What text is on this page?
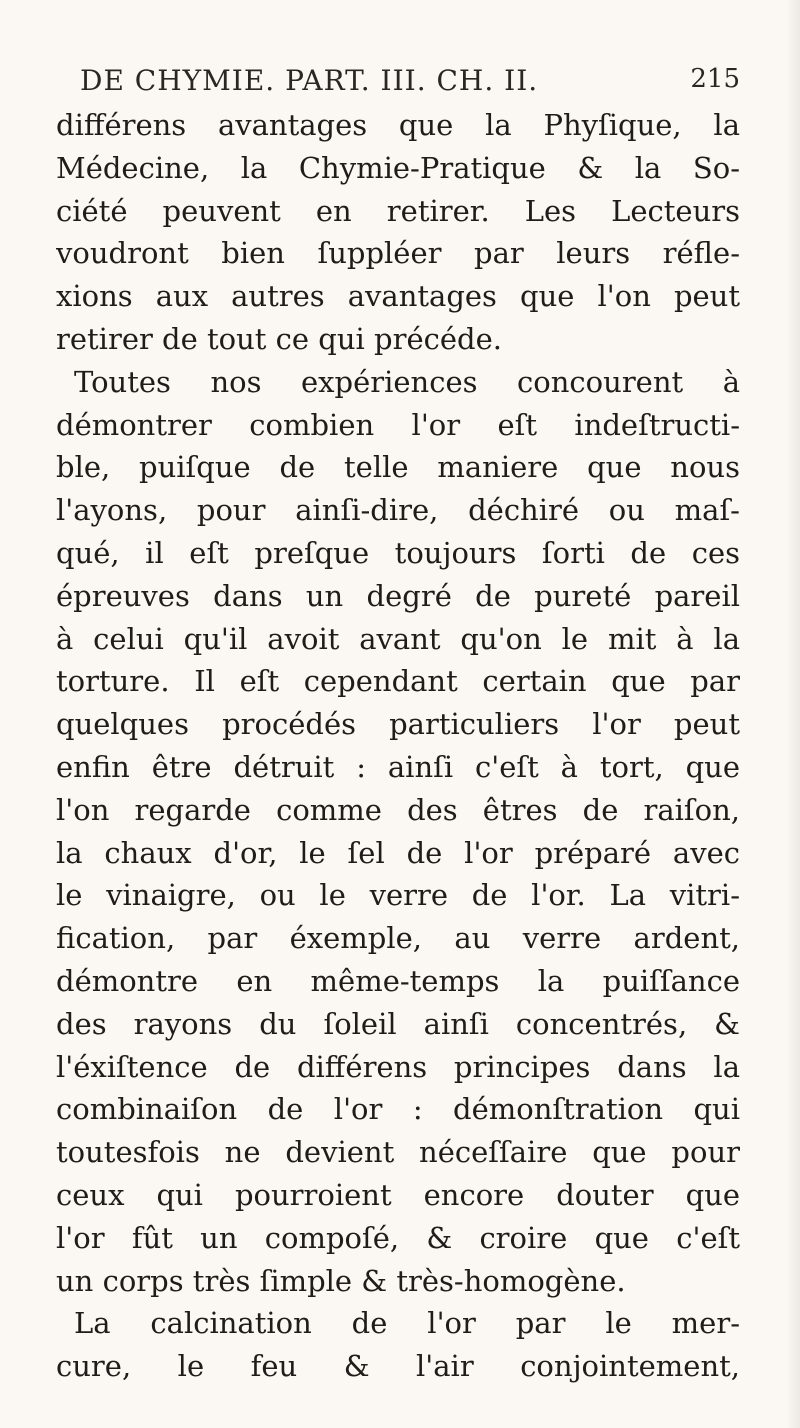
DE CHYMIE. PART. III. CH. II.	215
différens avantages que la Phyſique, la
Médecine, la Chymie-Pratique & la So-
ciété peuvent en retirer. Les Lecteurs
voudront bien ſuppléer par leurs réfle-
xions aux autres avantages que l'on peut
retirer de tout ce qui précéde.
Toutes nos expériences concourent à
démontrer combien l'or eſt indeſtructi-
ble, puiſque de telle maniere que nous
l'ayons, pour ainſi-dire, déchiré ou maſ-
qué, il eſt preſque toujours ſorti de ces
épreuves dans un degré de pureté pareil
à celui qu'il avoit avant qu'on le mit à la
torture. Il eſt cependant certain que par
quelques procédés particuliers l'or peut
enfin être détruit : ainſi c'eſt à tort, que
l'on regarde comme des êtres de raiſon,
la chaux d'or, le ſel de l'or préparé avec
le vinaigre, ou le verre de l'or. La vitri-
fication, par éxemple, au verre ardent,
démontre en même-temps la puiſſance
des rayons du ſoleil ainſi concentrés, &
l'éxiſtence de différens principes dans la
combinaiſon de l'or : démonſtration qui
toutesfois ne devient néceſſaire que pour
ceux qui pourroient encore douter que
l'or fût un compoſé, & croire que c'eſt
un corps très ſimple & très-homogène.
La calcination de l'or par le mer-
cure, le feu & l'air conjointement,
